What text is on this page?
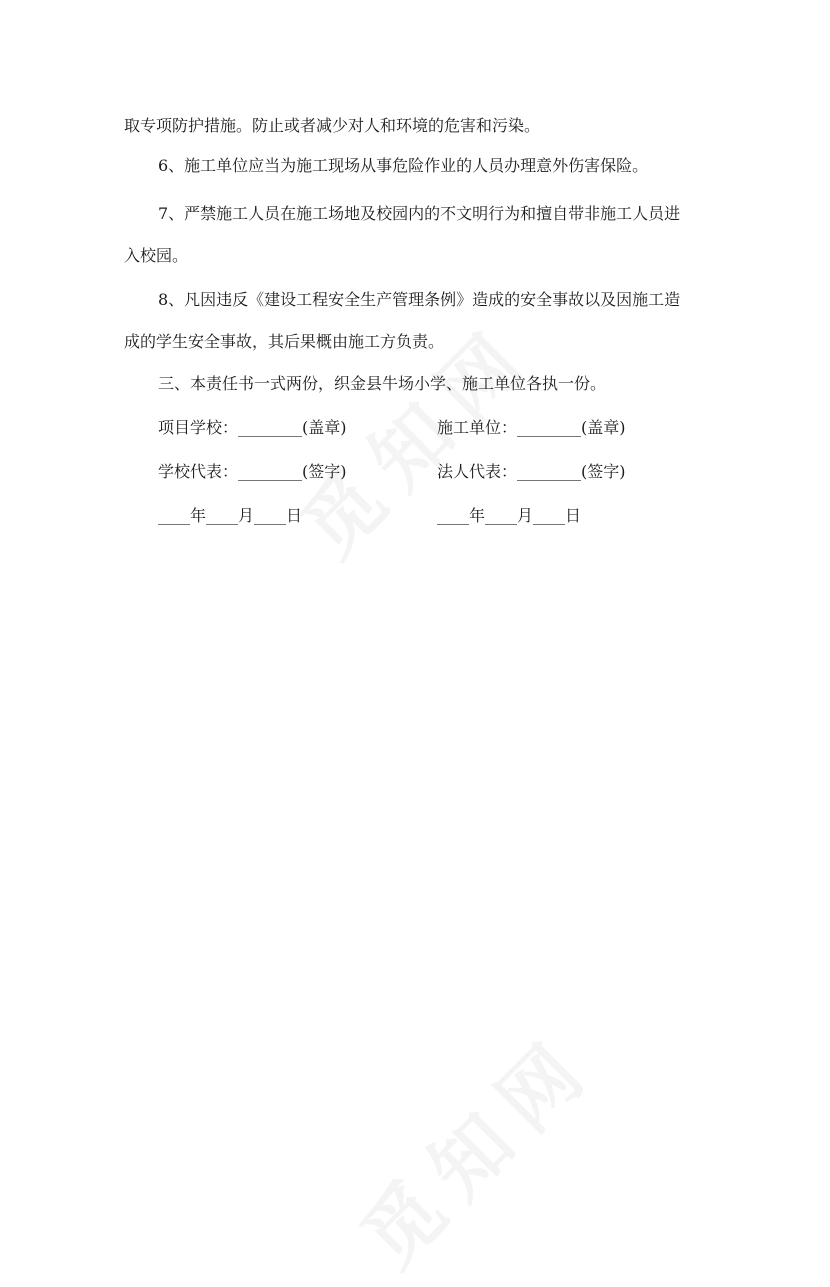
取专项防护措施。防止或者减少对人和环境的危害和污染。
6、施工单位应当为施工现场从事危险作业的人员办理意外伤害保险。
7、严禁施工人员在施工场地及校园内的不文明行为和擅自带非施工人员进
入校园。
8、凡因违反《建设工程安全生产管理条例》造成的安全事故以及因施工造
成的学生安全事故，其后果概由施工方负责。
三、本责任书一式两份，织金县牛场小学、施工单位各执一份。
项目学校：________(盖章)	施工单位：________(盖章)
学校代表：________(签字)	法人代表：________(签字)
____年____月____日	____年____月____日
